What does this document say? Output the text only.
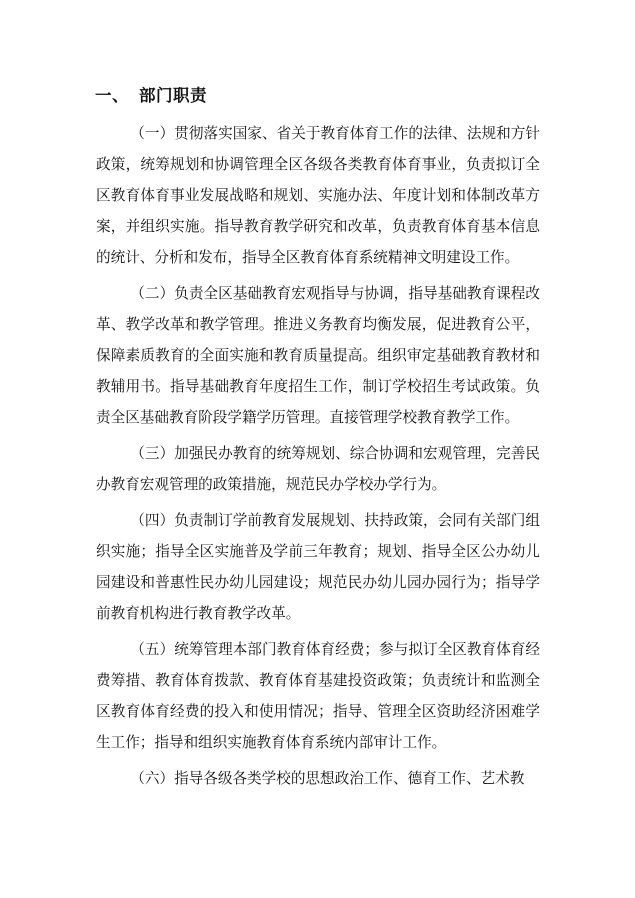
一、 部门职责

（一）贯彻落实国家、省关于教育体育工作的法律、法规和方针政策，统筹规划和协调管理全区各级各类教育体育事业，负责拟订全区教育体育事业发展战略和规划、实施办法、年度计划和体制改革方案，并组织实施。指导教育教学研究和改革，负责教育体育基本信息的统计、分析和发布，指导全区教育体育系统精神文明建设工作。

（二）负责全区基础教育宏观指导与协调，指导基础教育课程改革、教学改革和教学管理。推进义务教育均衡发展，促进教育公平，保障素质教育的全面实施和教育质量提高。组织审定基础教育教材和教辅用书。指导基础教育年度招生工作，制订学校招生考试政策。负责全区基础教育阶段学籍学历管理。直接管理学校教育教学工作。

（三）加强民办教育的统筹规划、综合协调和宏观管理，完善民办教育宏观管理的政策措施，规范民办学校办学行为。

（四）负责制订学前教育发展规划、扶持政策，会同有关部门组织实施；指导全区实施普及学前三年教育；规划、指导全区公办幼儿园建设和普惠性民办幼儿园建设；规范民办幼儿园办园行为；指导学前教育机构进行教育教学改革。

（五）统筹管理本部门教育体育经费；参与拟订全区教育体育经费筹措、教育体育拨款、教育体育基建投资政策；负责统计和监测全区教育体育经费的投入和使用情况；指导、管理全区资助经济困难学生工作；指导和组织实施教育体育系统内部审计工作。

（六）指导各级各类学校的思想政治工作、德育工作、艺术教
